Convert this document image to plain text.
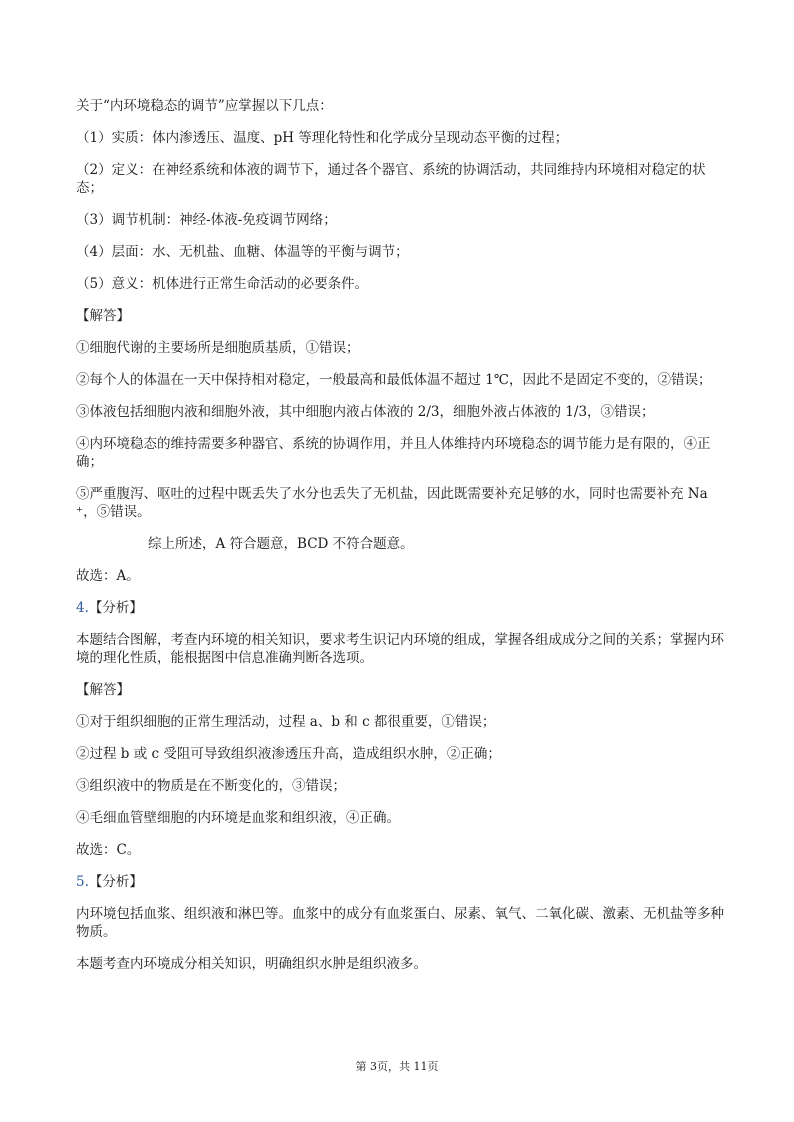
关于“内环境稳态的调节”应掌握以下几点：

（1）实质：体内渗透压、温度、pH 等理化特性和化学成分呈现动态平衡的过程；

（2）定义：在神经系统和体液的调节下，通过各个器官、系统的协调活动，共同维持内环境相对稳定的状态；

（3）调节机制：神经-体液-免疫调节网络；

（4）层面：水、无机盐、血糖、体温等的平衡与调节；

（5）意义：机体进行正常生命活动的必要条件。

【解答】

①细胞代谢的主要场所是细胞质基质，①错误；

②每个人的体温在一天中保持相对稳定，一般最高和最低体温不超过 1℃，因此不是固定不变的，②错误；

③体液包括细胞内液和细胞外液，其中细胞内液占体液的 2/3，细胞外液占体液的 1/3，③错误；

④内环境稳态的维持需要多种器官、系统的协调作用，并且人体维持内环境稳态的调节能力是有限的，④正确；

⑤严重腹泻、呕吐的过程中既丢失了水分也丢失了无机盐，因此既需要补充足够的水，同时也需要补充 Na⁺，⑤错误。

综上所述，A 符合题意，BCD 不符合题意。

故选：A。

4.【分析】

本题结合图解，考查内环境的相关知识，要求考生识记内环境的组成，掌握各组成成分之间的关系；掌握内环境的理化性质，能根据图中信息准确判断各选项。

【解答】

①对于组织细胞的正常生理活动，过程 a、b 和 c 都很重要，①错误；

②过程 b 或 c 受阻可导致组织液渗透压升高，造成组织水肿，②正确；

③组织液中的物质是在不断变化的，③错误；

④毛细血管壁细胞的内环境是血浆和组织液，④正确。

故选：C。

5.【分析】

内环境包括血浆、组织液和淋巴等。血浆中的成分有血浆蛋白、尿素、氧气、二氧化碳、激素、无机盐等多种物质。

本题考查内环境成分相关知识，明确组织水肿是组织液多。

第 3页，共 11页
